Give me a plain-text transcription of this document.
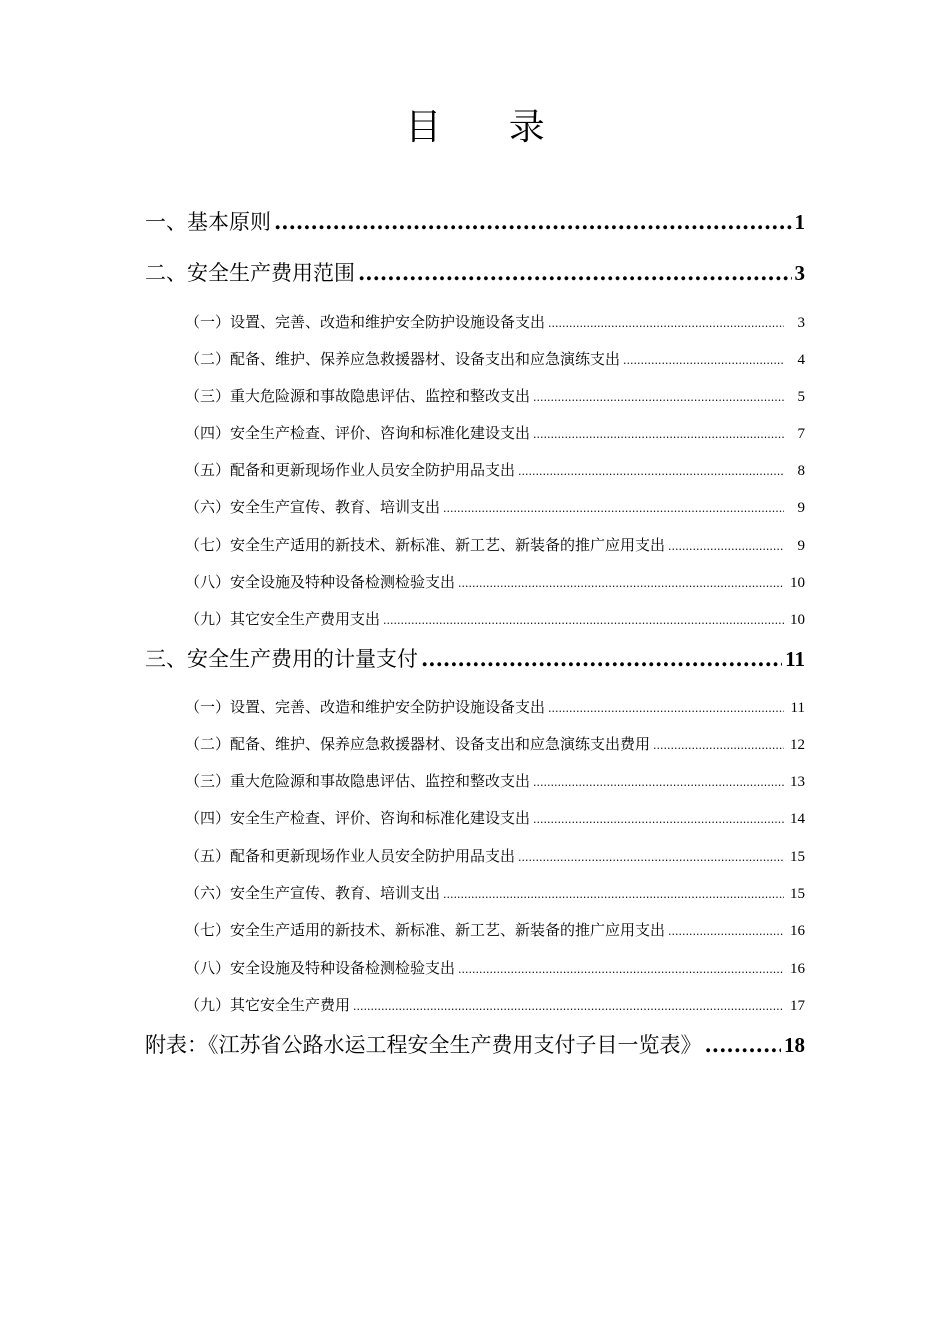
目 录
一、基本原则 .....	1
二、安全生产费用范围 .....	3
（一）设置、完善、改造和维护安全防护设施设备支出 .....	3
（二）配备、维护、保养应急救援器材、设备支出和应急演练支出 .....	4
（三）重大危险源和事故隐患评估、监控和整改支出 .....	5
（四）安全生产检查、评价、咨询和标准化建设支出 .....	7
（五）配备和更新现场作业人员安全防护用品支出 .....	8
（六）安全生产宣传、教育、培训支出 .....	9
（七）安全生产适用的新技术、新标准、新工艺、新装备的推广应用支出 .....	9
（八）安全设施及特种设备检测检验支出 .....	10
（九）其它安全生产费用支出 .....	10
三、安全生产费用的计量支付 .....	11
（一）设置、完善、改造和维护安全防护设施设备支出 .....	11
（二）配备、维护、保养应急救援器材、设备支出和应急演练支出费用 .....	12
（三）重大危险源和事故隐患评估、监控和整改支出 .....	13
（四）安全生产检查、评价、咨询和标准化建设支出 .....	14
（五）配备和更新现场作业人员安全防护用品支出 .....	15
（六）安全生产宣传、教育、培训支出 .....	15
（七）安全生产适用的新技术、新标准、新工艺、新装备的推广应用支出 .....	16
（八）安全设施及特种设备检测检验支出 .....	16
（九）其它安全生产费用 .....	17
附表：《江苏省公路水运工程安全生产费用支付子目一览表》 .....	18
